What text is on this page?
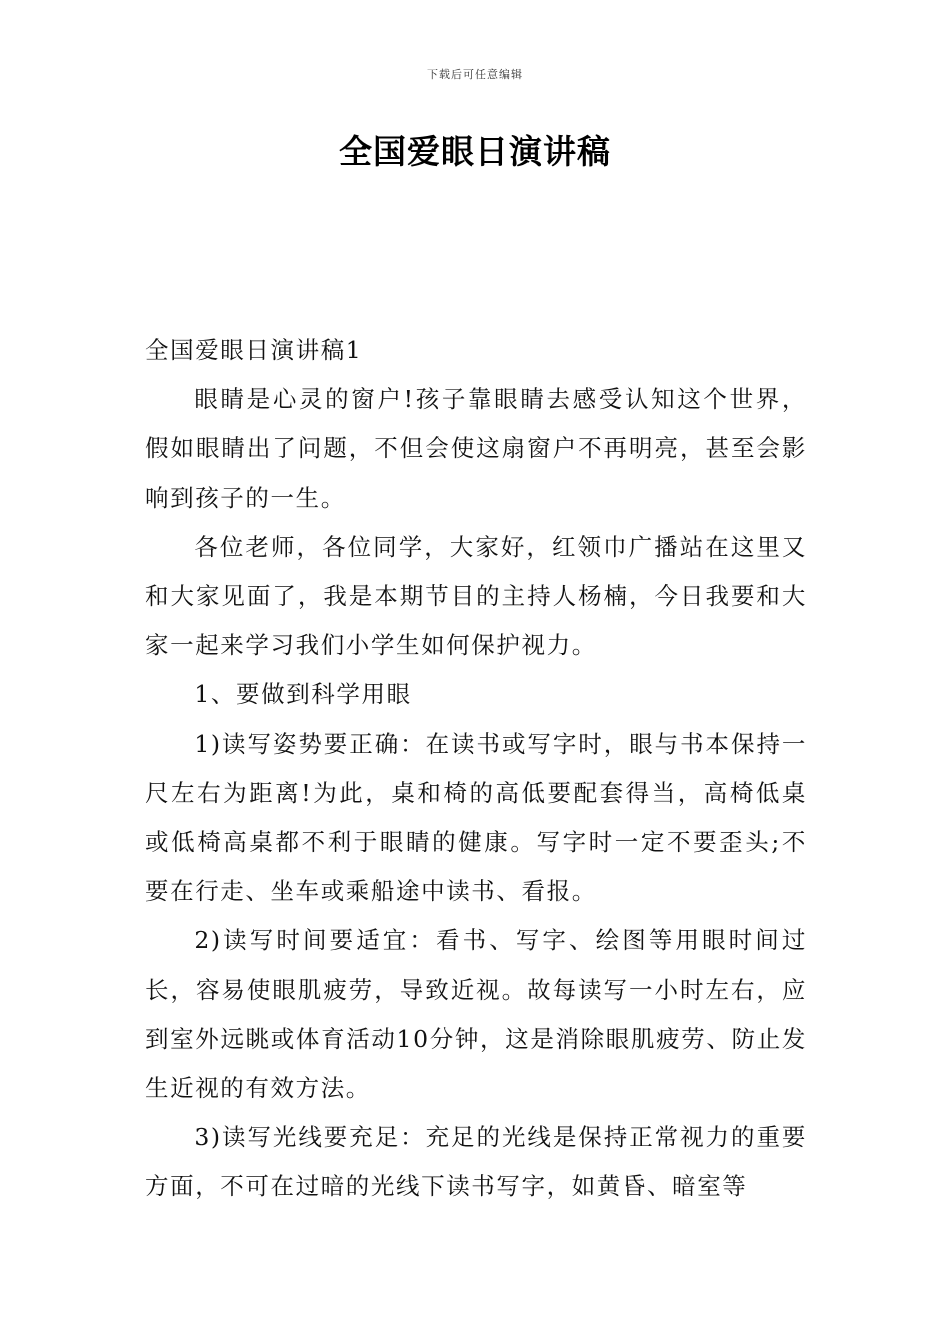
下载后可任意编辑
全国爱眼日演讲稿

全国爱眼日演讲稿1

眼睛是心灵的窗户!孩子靠眼睛去感受认知这个世界，假如眼睛出了问题，不但会使这扇窗户不再明亮，甚至会影响到孩子的一生。

各位老师，各位同学，大家好，红领巾广播站在这里又和大家见面了，我是本期节目的主持人杨楠，今日我要和大家一起来学习我们小学生如何保护视力。

1、要做到科学用眼

1)读写姿势要正确：在读书或写字时，眼与书本保持一尺左右为距离!为此，桌和椅的高低要配套得当，高椅低桌或低椅高桌都不利于眼睛的健康。写字时一定不要歪头;不要在行走、坐车或乘船途中读书、看报。

2)读写时间要适宜：看书、写字、绘图等用眼时间过长，容易使眼肌疲劳，导致近视。故每读写一小时左右，应到室外远眺或体育活动10分钟，这是消除眼肌疲劳、防止发生近视的有效方法。

3)读写光线要充足：充足的光线是保持正常视力的重要方面，不可在过暗的光线下读书写字，如黄昏、暗室等
